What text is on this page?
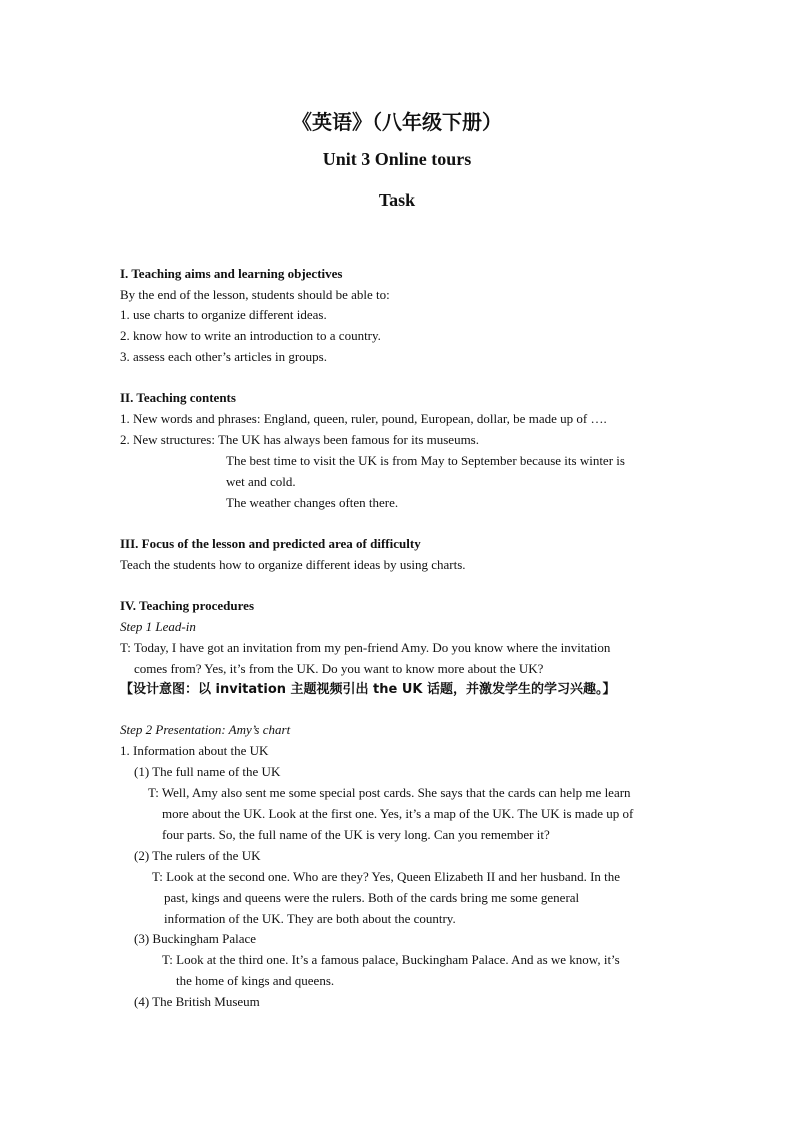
《英语》（八年级下册）
Unit 3 Online tours
Task
I. Teaching aims and learning objectives
By the end of the lesson, students should be able to:
1. use charts to organize different ideas.
2. know how to write an introduction to a country.
3. assess each other’s articles in groups.
II. Teaching contents
1. New words and phrases: England, queen, ruler, pound, European, dollar, be made up of ….
2. New structures: The UK has always been famous for its museums.
The best time to visit the UK is from May to September because its winter is
wet and cold.
The weather changes often there.
III. Focus of the lesson and predicted area of difficulty
Teach the students how to organize different ideas by using charts.
IV. Teaching procedures
Step 1 Lead-in
T: Today, I have got an invitation from my pen-friend Amy. Do you know where the invitation
comes from? Yes, it’s from the UK. Do you want to know more about the UK?
【设计意图：以 invitation 主题视频引出 the UK 话题，并激发学生的学习兴趣。】
Step 2 Presentation: Amy’s chart
1. Information about the UK
(1) The full name of the UK
T: Well, Amy also sent me some special post cards. She says that the cards can help me learn
more about the UK. Look at the first one. Yes, it’s a map of the UK. The UK is made up of
four parts. So, the full name of the UK is very long. Can you remember it?
(2) The rulers of the UK
T: Look at the second one. Who are they? Yes, Queen Elizabeth II and her husband. In the
past, kings and queens were the rulers. Both of the cards bring me some general
information of the UK. They are both about the country.
(3) Buckingham Palace
T: Look at the third one. It’s a famous palace, Buckingham Palace. And as we know, it’s
the home of kings and queens.
(4) The British Museum
